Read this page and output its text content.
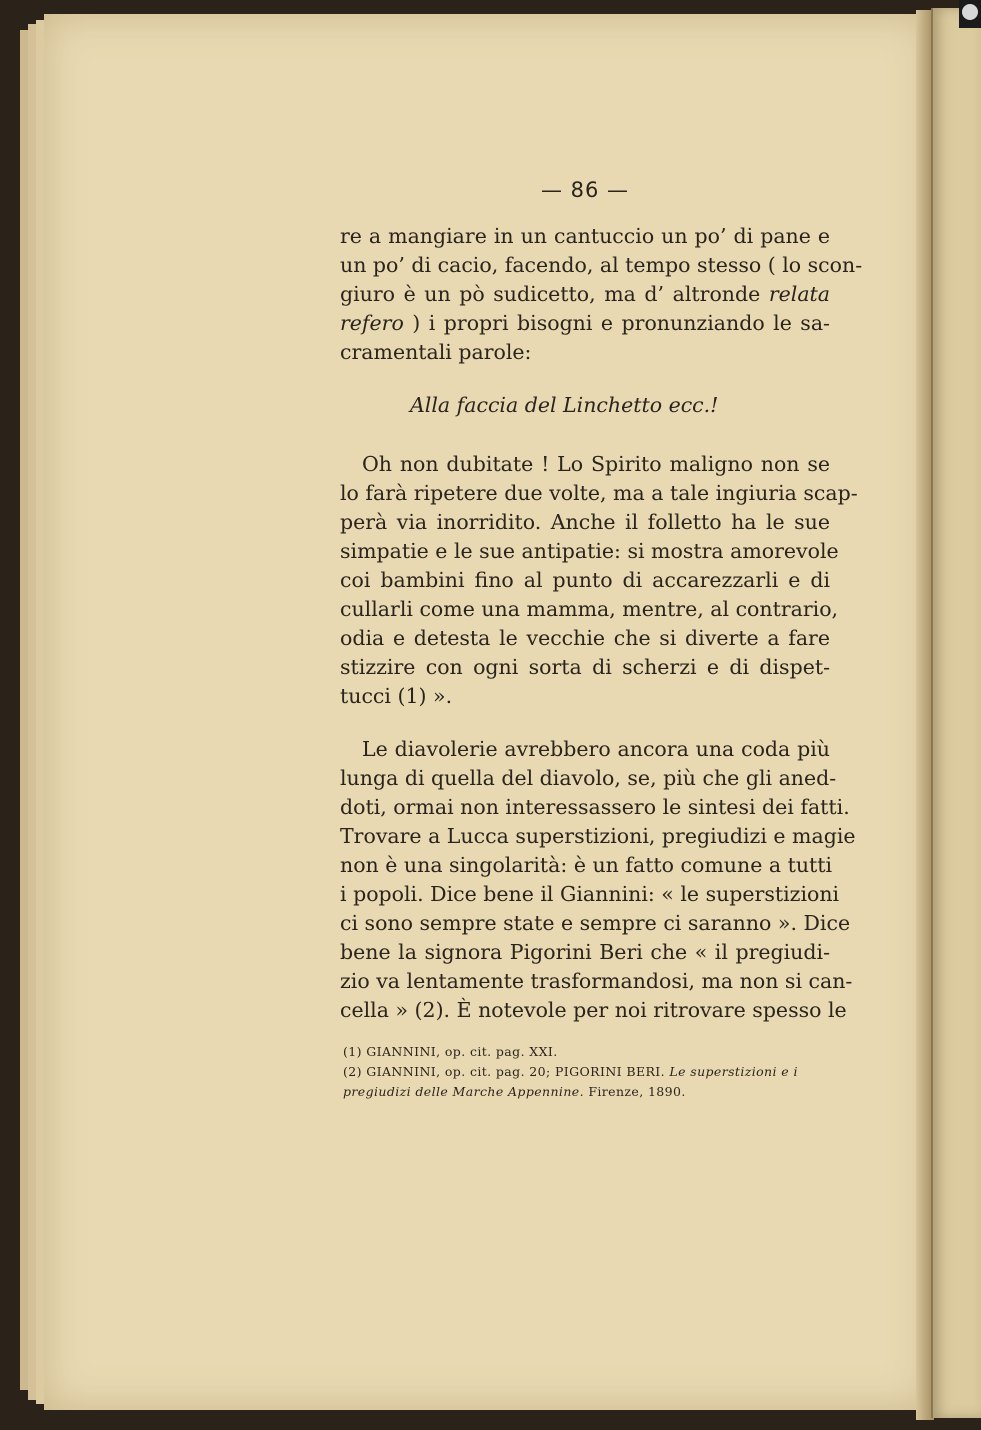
— 86 —
re a mangiare in un cantuccio un po’ di pane e
un po’ di cacio, facendo, al tempo stesso ( lo scon-
giuro è un pò sudicetto, ma d’ altronde relata
refero ) i propri bisogni e pronunziando le sa-
cramentali parole:
Oh non dubitate ! Lo Spirito maligno non se
lo farà ripetere due volte, ma a tale ingiuria scap-
perà via inorridito. Anche il folletto ha le sue
simpatie e le sue antipatie: si mostra amorevole
coi bambini fino al punto di accarezzarli e di
cullarli come una mamma, mentre, al contrario,
odia e detesta le vecchie che si diverte a fare
stizzire con ogni sorta di scherzi e di dispet-
tucci (1) ».
Le diavolerie avrebbero ancora una coda più
lunga di quella del diavolo, se, più che gli aned-
doti, ormai non interessassero le sintesi dei fatti.
Trovare a Lucca superstizioni, pregiudizi e magie
non è una singolarità: è un fatto comune a tutti
i popoli. Dice bene il Giannini: « le superstizioni
ci sono sempre state e sempre ci saranno ». Dice
bene la signora Pigorini Beri che « il pregiudi-
zio va lentamente trasformandosi, ma non si can-
cella » (2). È notevole per noi ritrovare spesso le
Alla faccia del Linchetto ecc.!
(1) GIANNINI, op. cit. pag. XXI.
(2) GIANNINI, op. cit. pag. 20; PIGORINI BERI. Le superstizioni e i
pregiudizi delle Marche Appennine. Firenze, 1890.
